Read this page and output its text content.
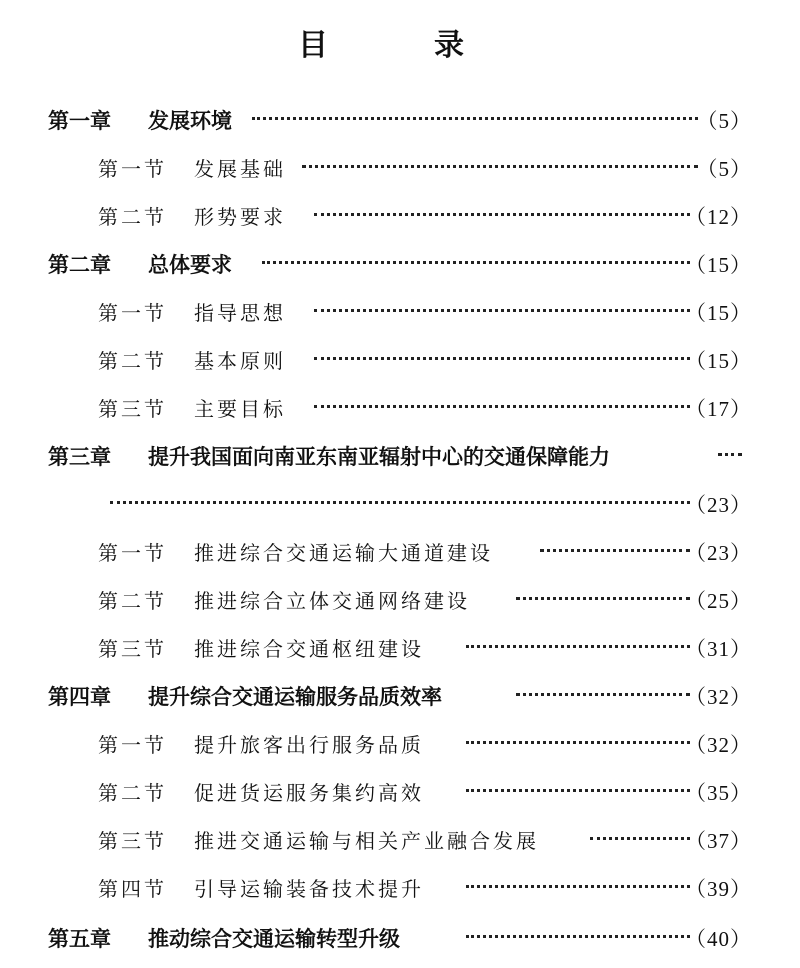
目　录
第一章 发展环境	（5）
第一节 发展基础	（5）
第二节 形势要求	（12）
第二章 总体要求	（15）
第一节 指导思想	（15）
第二节 基本原则	（15）
第三节 主要目标	（17）
第三章 提升我国面向南亚东南亚辐射中心的交通保障能力
（23）
第一节 推进综合交通运输大通道建设	（23）
第二节 推进综合立体交通网络建设	（25）
第三节 推进综合交通枢纽建设	（31）
第四章 提升综合交通运输服务品质效率	（32）
第一节 提升旅客出行服务品质	（32）
第二节 促进货运服务集约高效	（35）
第三节 推进交通运输与相关产业融合发展	（37）
第四节 引导运输装备技术提升	（39）
第五章 推动综合交通运输转型升级	（40）
